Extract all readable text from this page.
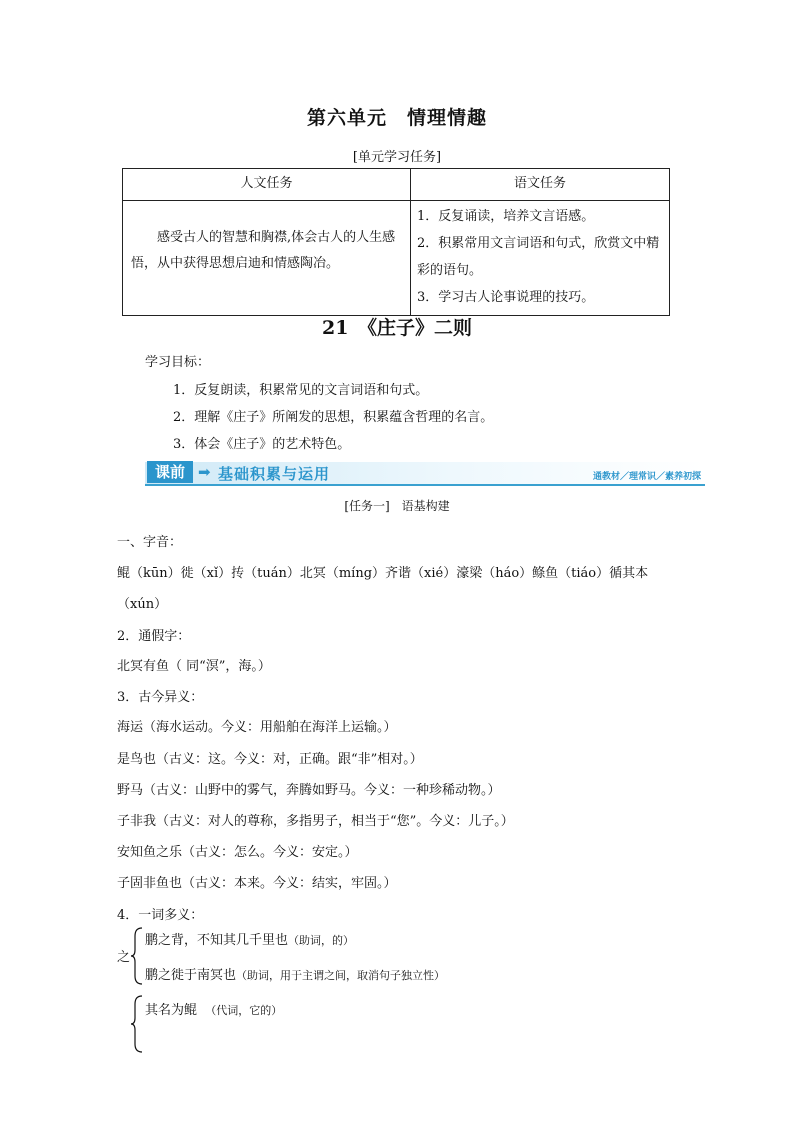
第六单元　情理情趣
[单元学习任务]
人文任务	语文任务

感受古人的智慧和胸襟,体会古人的人生感悟，从中获得思想启迪和情感陶冶。	1．反复诵读，培养文言语感。
2．积累常用文言词语和句式，欣赏文中精彩的语句。
3．学习古人论事说理的技巧。
21　《庄子》二则
学习目标：
1．反复朗读，积累常见的文言词语和句式。
2．理解《庄子》所阐发的思想，积累蕴含哲理的名言。
3．体会《庄子》的艺术特色。
课前 ➡ 基础积累与运用	通教材／理常识／素养初探
[任务一]　语基构建
一、字音：
鲲（kūn）徙（xǐ）抟（tuán）北冥（míng）齐谐（xié）濠梁（háo）鲦鱼（tiáo）循其本
（xún）
2．通假字：
北冥有鱼（ 同“溟”，海。）
3．古今异义：
海运（海水运动。今义：用船舶在海洋上运输。）
是鸟也（古义：这。今义：对，正确。跟“非”相对。）
野马（古义：山野中的雾气，奔腾如野马。今义：一种珍稀动物。）
子非我（古义：对人的尊称，多指男子，相当于“您”。今义：儿子。）
安知鱼之乐（古义：怎么。今义：安定。）
子固非鱼也（古义：本来。今义：结实，牢固。）
4．一词多义：
之
鹏之背，不知其几千里也（助词，的）
鹏之徙于南冥也（助词，用于主谓之间，取消句子独立性）
其名为鲲 （代词，它的）
